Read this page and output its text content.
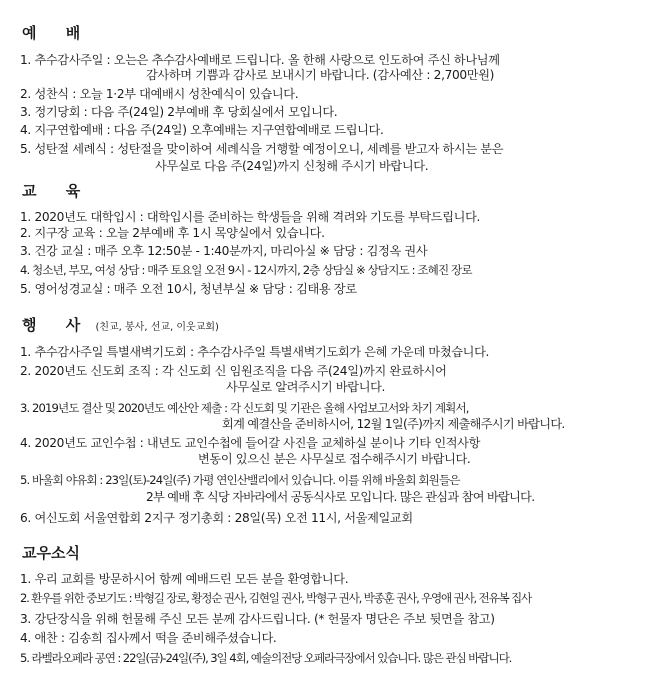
예 배
1. 추수감사주일 : 오는은 추수감사예배로 드립니다. 올 한해 사랑으로 인도하여 주신 하나님께
감사하며 기쁨과 감사로 보내시기 바랍니다. (감사예산 : 2,700만원)
2. 성찬식 : 오늘 1·2부 대예배시 성찬예식이 있습니다.
3. 정기당회 : 다음 주(24일) 2부예배 후 당회실에서 모입니다.
4. 지구연합예배 : 다음 주(24일) 오후예배는 지구연합예배로 드립니다.
5. 성탄절 세례식 : 성탄절을 맞이하여 세례식을 거행할 예정이오니, 세례를 받고자 하시는 분은
사무실로 다음 주(24일)까지 신청해 주시기 바랍니다.
교 육
1. 2020년도 대학입시 : 대학입시를 준비하는 학생들을 위해 격려와 기도를 부탁드립니다.
2. 지구장 교육 : 오늘 2부예배 후 1시 목양실에서 있습니다.
3. 건강 교실 : 매주 오후 12:50분 - 1:40분까지, 마리아실 ※ 담당 : 김정옥 권사
4. 청소년, 부모, 여성 상담 : 매주 토요일 오전 9시 - 12시까지, 2층 상담실 ※ 상담지도 : 조혜진 장로
5. 영어성경교실 : 매주 오전 10시, 청년부실 ※ 담당 : 김태용 장로
행 사 (친교, 봉사, 선교, 이웃교회)
1. 추수감사주일 특별새벽기도회 : 추수감사주일 특별새벽기도회가 은혜 가운데 마쳤습니다.
2. 2020년도 신도회 조직 : 각 신도회 신 임원조직을 다음 주(24일)까지 완료하시어
사무실로 알려주시기 바랍니다.
3. 2019년도 결산 및 2020년도 예산안 제출 : 각 신도회 및 기관은 올해 사업보고서와 차기 계획서,
회계 예결산을 준비하시어, 12월 1일(주)까지 제출해주시기 바랍니다.
4. 2020년도 교인수첩 : 내년도 교인수첩에 들어갈 사진을 교체하실 분이나 기타 인적사항
변동이 있으신 분은 사무실로 접수해주시기 바랍니다.
5. 바울회 야유회 : 23일(토)-24일(주) 가평 연인산밸리에서 있습니다. 이를 위해 바울회 회원들은
2부 예배 후 식당 자바라에서 공동식사로 모입니다. 많은 관심과 참여 바랍니다.
6. 여신도회 서울연합회 2지구 정기총회 : 28일(목) 오전 11시, 서울제일교회
교우소식
1. 우리 교회를 방문하시어 함께 예배드린 모든 분을 환영합니다.
2. 환우를 위한 중보기도 : 박형길 장로, 황정순 권사, 김현일 권사, 박형구 권사, 박종훈 권사, 우영애 권사, 전유복 집사
3. 강단장식을 위해 헌물해 주신 모든 분께 감사드립니다. (* 헌물자 명단은 주보 뒷면을 참고)
4. 애찬 : 김송희 집사께서 떡을 준비해주셨습니다.
5. 라벨라오페라 공연 : 22일(금)-24일(주), 3일 4회, 예술의전당 오페라극장에서 있습니다. 많은 관심 바랍니다.
